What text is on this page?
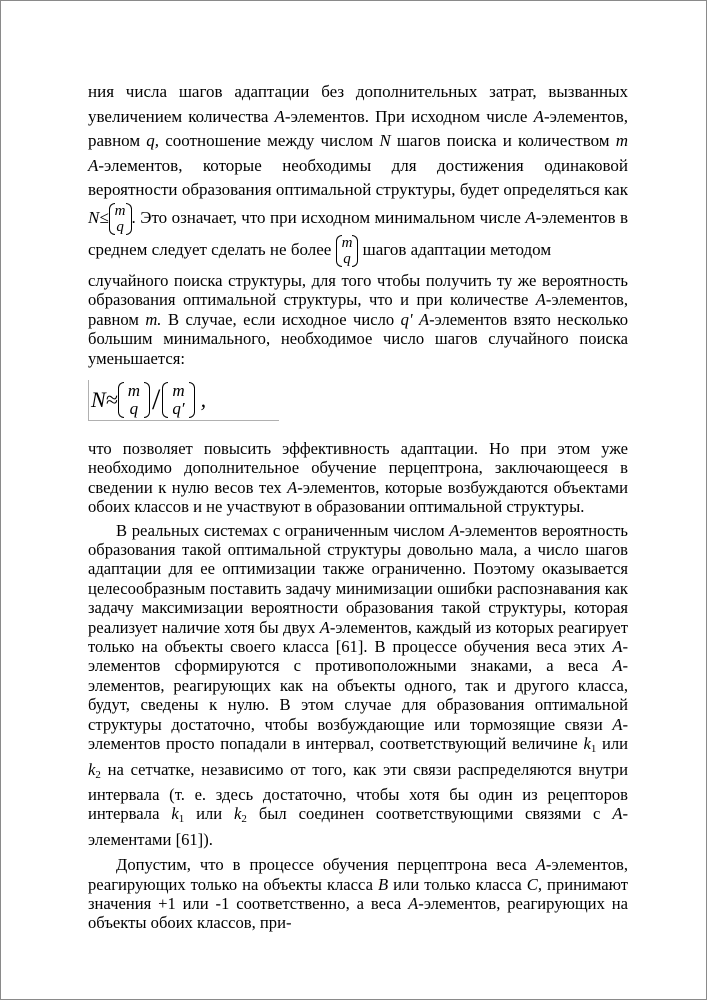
ния числа шагов адаптации без дополнительных затрат, вызванных увеличением количества A-элементов. При исходном числе A-элементов, равном q, соотношение между числом N шагов поиска и количеством m A-элементов, которые необходимы для достижения одинаковой вероятности образования оптимальной структуры, будет определяться как N≤ m
q
. Это означает, что при исходном минимальном числе A-элементов в среднем следует сделать не более m
q
шагов адаптации методом

случайного поиска структуры, для того чтобы получить ту же вероятность образования оптимальной структуры, что и при количестве A-элементов, равном m. В случае, если исходное число q' A-элементов взято несколько большим минимального, необходимое число шагов случайного поиска уменьшается:

N≈ m
q / m
q′ ,

что позволяет повысить эффективность адаптации. Но при этом уже необходимо дополнительное обучение перцептрона, заключающееся в сведении к нулю весов тех A-элементов, которые возбуждаются объектами обоих классов и не участвуют в образовании оптимальной структуры.

В реальных системах с ограниченным числом A-элементов вероятность образования такой оптимальной структуры довольно мала, а число шагов адаптации для ее оптимизации также ограниченно. Поэтому оказывается целесообразным поставить задачу минимизации ошибки распознавания как задачу максимизации вероятности образования такой структуры, которая реализует наличие хотя бы двух A-элементов, каждый из которых реагирует только на объекты своего класса [61]. В процессе обучения веса этих A-элементов сформируются с противоположными знаками, а веса A-элементов, реагирующих как на объекты одного, так и другого класса, будут, сведены к нулю. В этом случае для образования оптимальной структуры достаточно, чтобы возбуждающие или тормозящие связи A-элементов просто попадали в интервал, соответствующий величине $k_1$ или $k_2$ на сетчатке, независимо от того, как эти связи распределяются внутри интервала (т. е. здесь достаточно, чтобы хотя бы один из рецепторов интервала $k_1$ или $k_2$ был соединен соответствующими связями с A-элементами [61]).

Допустим, что в процессе обучения перцептрона веса A-элементов, реагирующих только на объекты класса B или только класса C, принимают значения +1 или -1 соответственно, а веса A-элементов, реагирующих на объекты обоих классов, при-
